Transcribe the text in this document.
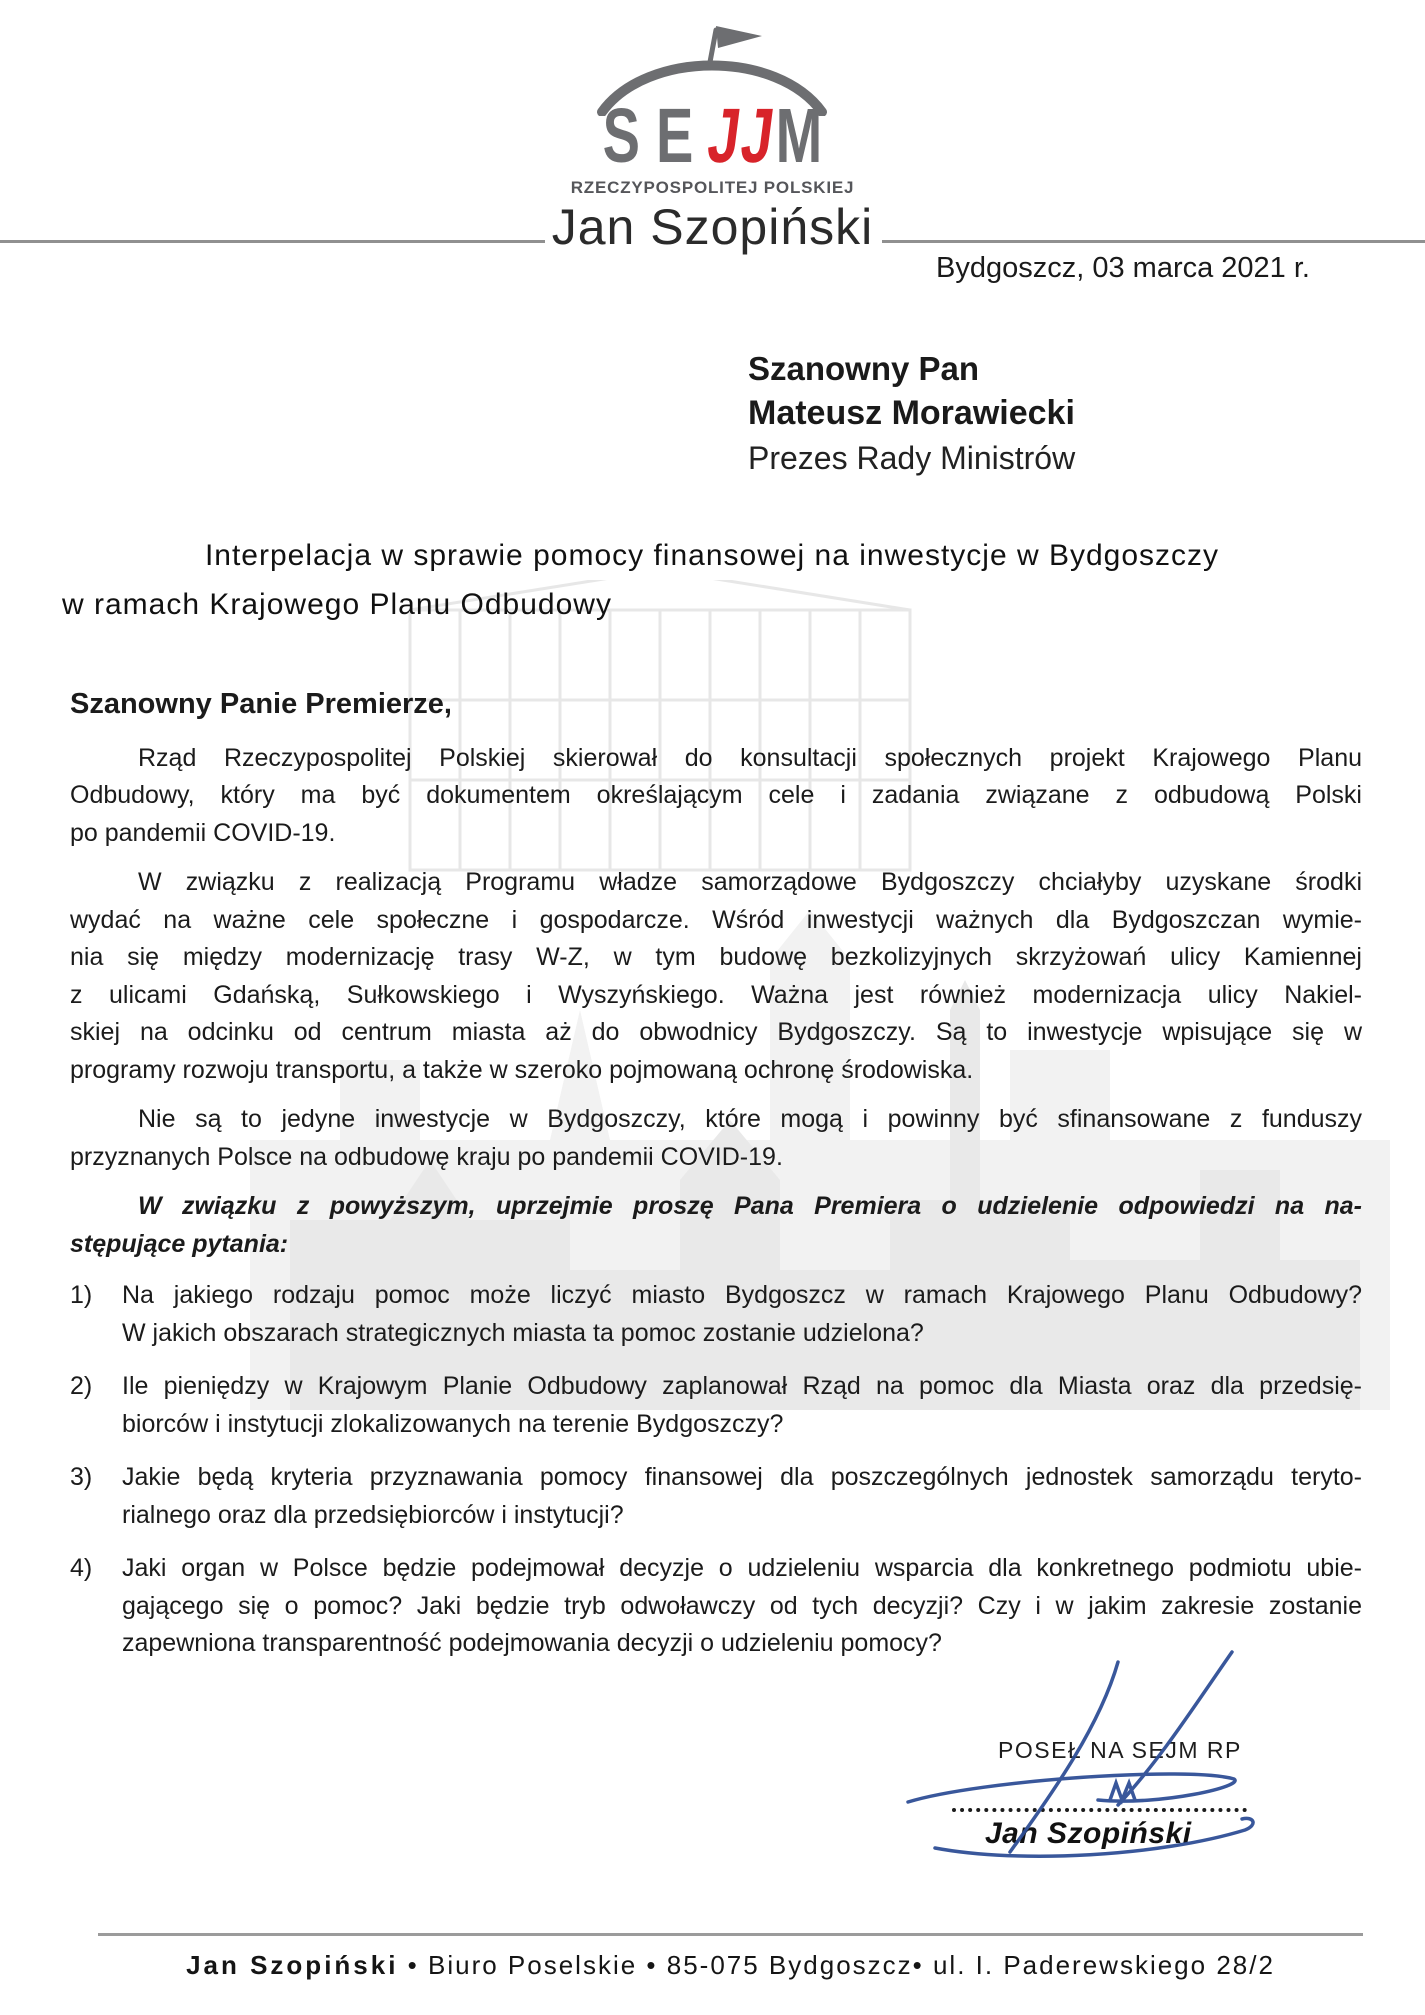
SEJJM
RZECZYPOSPOLITEJ POLSKIEJ
Jan Szopiński
Bydgoszcz, 03 marca 2021 r.
Szanowny Pan
Mateusz Morawiecki
Prezes Rady Ministrów
Interpelacja w sprawie pomocy finansowej na inwestycje w Bydgoszczy
w ramach Krajowego Planu Odbudowy
Szanowny Panie Premierze,
Rząd Rzeczypospolitej Polskiej skierował do konsultacji społecznych projekt Krajowego Planu
Odbudowy, który ma być dokumentem określającym cele i zadania związane z odbudową Polski
po pandemii COVID-19.
W związku z realizacją Programu władze samorządowe Bydgoszczy chciałyby uzyskane środki
wydać na ważne cele społeczne i gospodarcze. Wśród inwestycji ważnych dla Bydgoszczan wymie-
nia się między modernizację trasy W-Z, w tym budowę bezkolizyjnych skrzyżowań ulicy Kamiennej
z ulicami Gdańską, Sułkowskiego i Wyszyńskiego. Ważna jest również modernizacja ulicy Nakiel-
skiej na odcinku od centrum miasta aż do obwodnicy Bydgoszczy. Są to inwestycje wpisujące się w
programy rozwoju transportu, a także w szeroko pojmowaną ochronę środowiska.
Nie są to jedyne inwestycje w Bydgoszczy, które mogą i powinny być sfinansowane z funduszy
przyznanych Polsce na odbudowę kraju po pandemii COVID-19.
W związku z powyższym, uprzejmie proszę Pana Premiera o udzielenie odpowiedzi na na-
stępujące pytania:
1)	Na jakiego rodzaju pomoc może liczyć miasto Bydgoszcz w ramach Krajowego Planu Odbudowy?
W jakich obszarach strategicznych miasta ta pomoc zostanie udzielona?
2)	Ile pieniędzy w Krajowym Planie Odbudowy zaplanował Rząd na pomoc dla Miasta oraz dla przedsię-
biorców i instytucji zlokalizowanych na terenie Bydgoszczy?
3)	Jakie będą kryteria przyznawania pomocy finansowej dla poszczególnych jednostek samorządu teryto-
rialnego oraz dla przedsiębiorców i instytucji?
4)	Jaki organ w Polsce będzie podejmował decyzje o udzieleniu wsparcia dla konkretnego podmiotu ubie-
gającego się o pomoc? Jaki będzie tryb odwoławczy od tych decyzji? Czy i w jakim zakresie zostanie
zapewniona transparentność podejmowania decyzji o udzieleniu pomocy?
POSEŁ NA SEJM RP
Jan Szopiński
Jan Szopiński • Biuro Poselskie • 85-075 Bydgoszcz• ul. I. Paderewskiego 28/2
